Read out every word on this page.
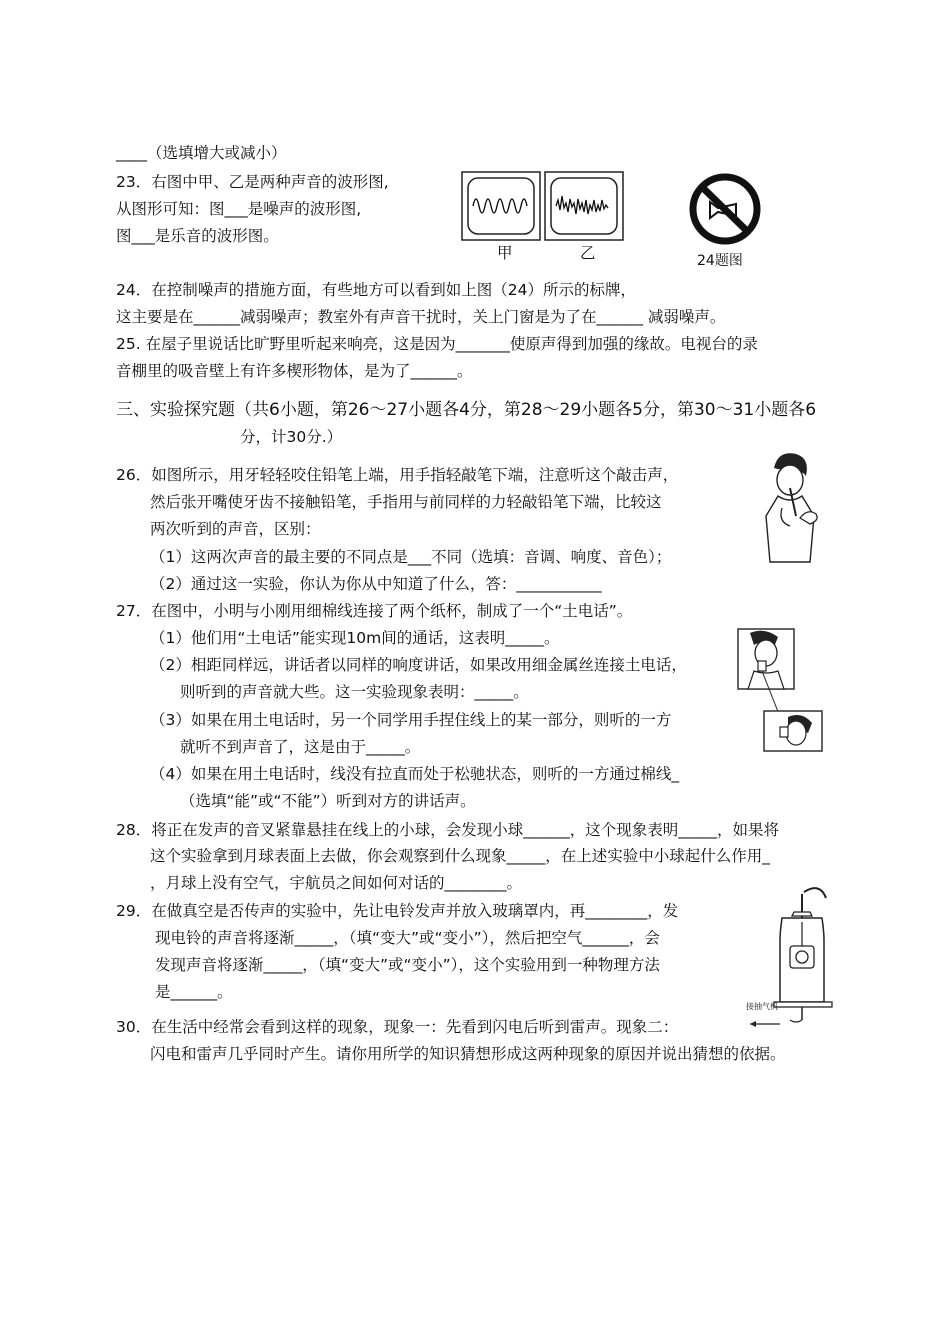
____（选填增大或减小）
23．右图中甲、乙是两种声音的波形图,
从图形可知：图___是噪声的波形图,
图___是乐音的波形图。
甲	乙	24题图
24．在控制噪声的措施方面，有些地方可以看到如上图（24）所示的标牌，
这主要是在______减弱噪声；教室外有声音干扰时，关上门窗是为了在______ 减弱噪声。
25. 在屋子里说话比旷野里听起来响亮，这是因为_______使原声得到加强的缘故。电视台的录
音棚里的吸音壁上有许多楔形物体，是为了______。
三、实验探究题（共6小题，第26～27小题各4分，第28～29小题各5分，第30～31小题各6
分，计30分.）
26．如图所示，用牙轻轻咬住铅笔上端，用手指轻敲笔下端，注意听这个敲击声，
然后张开嘴使牙齿不接触铅笔，手指用与前同样的力轻敲铅笔下端，比较这
两次听到的声音，区别：
（1）这两次声音的最主要的不同点是___不同（选填：音调、响度、音色）；
（2）通过这一实验，你认为你从中知道了什么，答：___________
27．在图中，小明与小刚用细棉线连接了两个纸杯，制成了一个“土电话”。
（1）他们用“土电话”能实现10m间的通话，这表明_____。
（2）相距同样远，讲话者以同样的响度讲话，如果改用细金属丝连接土电话，
则听到的声音就大些。这一实验现象表明：_____。
（3）如果在用土电话时，另一个同学用手捏住线上的某一部分，则听的一方
就听不到声音了，这是由于_____。
（4）如果在用土电话时，线没有拉直而处于松驰状态，则听的一方通过棉线_
（选填“能”或“不能”）听到对方的讲话声。
28．将正在发声的音叉紧靠悬挂在线上的小球，会发现小球______，这个现象表明_____，如果将
这个实验拿到月球表面上去做，你会观察到什么现象_____，在上述实验中小球起什么作用_
，月球上没有空气，宇航员之间如何对话的________。
29．在做真空是否传声的实验中，先让电铃发声并放入玻璃罩内，再________，发
现电铃的声音将逐渐_____，（填“变大”或“变小”），然后把空气______，会
发现声音将逐渐_____，（填“变大”或“变小”），这个实验用到一种物理方法
是______。
接抽气机
30．在生活中经常会看到这样的现象，现象一：先看到闪电后听到雷声。现象二：
闪电和雷声几乎同时产生。请你用所学的知识猜想形成这两种现象的原因并说出猜想的依据。
